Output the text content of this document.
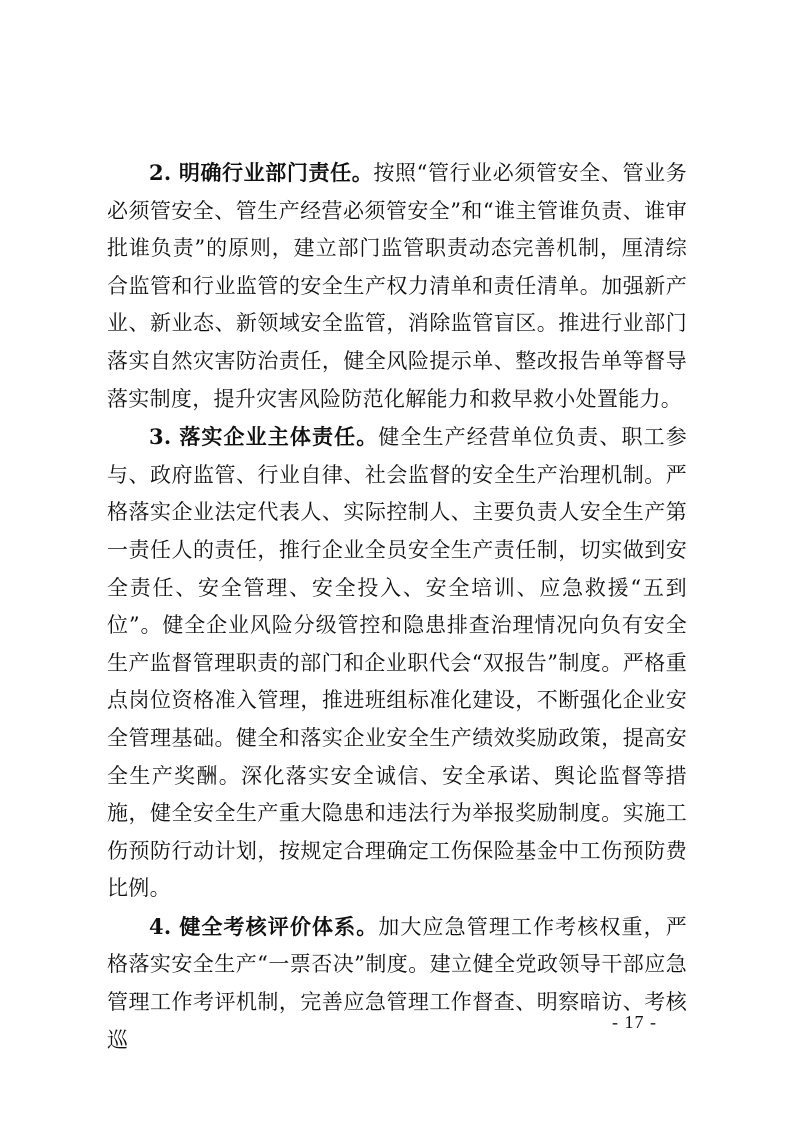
2. 明确行业部门责任。按照“管行业必须管安全、管业务必须管安全、管生产经营必须管安全”和“谁主管谁负责、谁审批谁负责”的原则，建立部门监管职责动态完善机制，厘清综合监管和行业监管的安全生产权力清单和责任清单。加强新产业、新业态、新领域安全监管，消除监管盲区。推进行业部门落实自然灾害防治责任，健全风险提示单、整改报告单等督导落实制度，提升灾害风险防范化解能力和救早救小处置能力。

3. 落实企业主体责任。健全生产经营单位负责、职工参与、政府监管、行业自律、社会监督的安全生产治理机制。严格落实企业法定代表人、实际控制人、主要负责人安全生产第一责任人的责任，推行企业全员安全生产责任制，切实做到安全责任、安全管理、安全投入、安全培训、应急救援“五到位”。健全企业风险分级管控和隐患排查治理情况向负有安全生产监督管理职责的部门和企业职代会“双报告”制度。严格重点岗位资格准入管理，推进班组标准化建设，不断强化企业安全管理基础。健全和落实企业安全生产绩效奖励政策，提高安全生产奖酬。深化落实安全诚信、安全承诺、舆论监督等措施，健全安全生产重大隐患和违法行为举报奖励制度。实施工伤预防行动计划，按规定合理确定工伤保险基金中工伤预防费比例。

4. 健全考核评价体系。加大应急管理工作考核权重，严格落实安全生产“一票否决”制度。建立健全党政领导干部应急管理工作考评机制，完善应急管理工作督查、明察暗访、考核巡

- 17 -
